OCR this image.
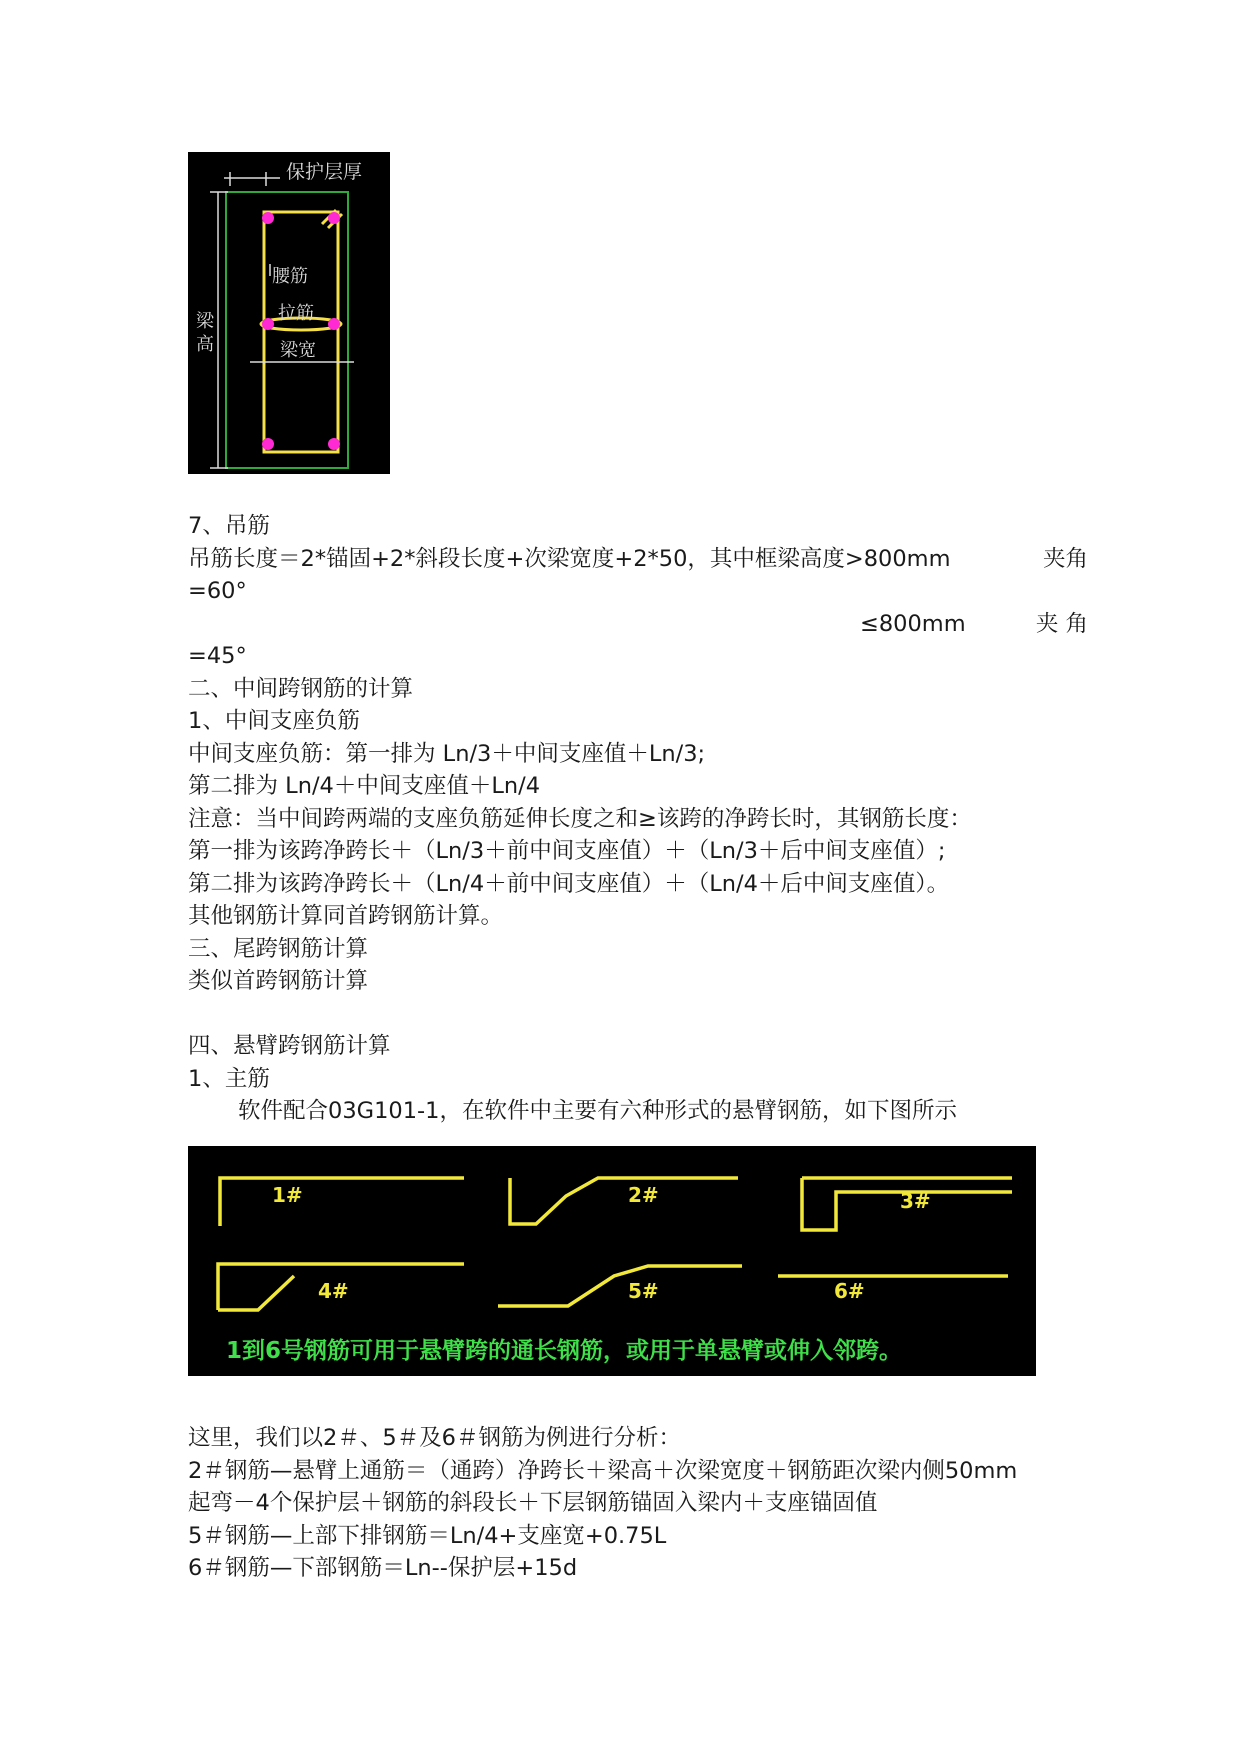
保护层厚
梁
高
腰筋
拉筋
梁宽
7、吊筋
吊筋长度＝2*锚固+2*斜段长度+次梁宽度+2*50，其中框梁高度>800mm	夹角
=60°
≤800mm	夹 角
=45°
二、中间跨钢筋的计算
1、中间支座负筋
中间支座负筋：第一排为 Ln/3＋中间支座值＋Ln/3;
第二排为 Ln/4＋中间支座值＋Ln/4
注意：当中间跨两端的支座负筋延伸长度之和≥该跨的净跨长时，其钢筋长度：
第一排为该跨净跨长＋（Ln/3＋前中间支座值）＋（Ln/3＋后中间支座值）;
第二排为该跨净跨长＋（Ln/4＋前中间支座值）＋（Ln/4＋后中间支座值）。
其他钢筋计算同首跨钢筋计算。
三、尾跨钢筋计算
类似首跨钢筋计算
四、悬臂跨钢筋计算
1、主筋
软件配合03G101-1，在软件中主要有六种形式的悬臂钢筋，如下图所示
1#	2#	3#
4#	5#	6#
1到6号钢筋可用于悬臂跨的通长钢筋，或用于单悬臂或伸入邻跨。
这里，我们以2＃、5＃及6＃钢筋为例进行分析：
2＃钢筋—悬臂上通筋＝（通跨）净跨长＋梁高＋次梁宽度＋钢筋距次梁内侧50mm
起弯－4个保护层＋钢筋的斜段长＋下层钢筋锚固入梁内＋支座锚固值
5＃钢筋—上部下排钢筋＝Ln/4+支座宽+0.75L
6＃钢筋—下部钢筋＝Ln--保护层+15d
